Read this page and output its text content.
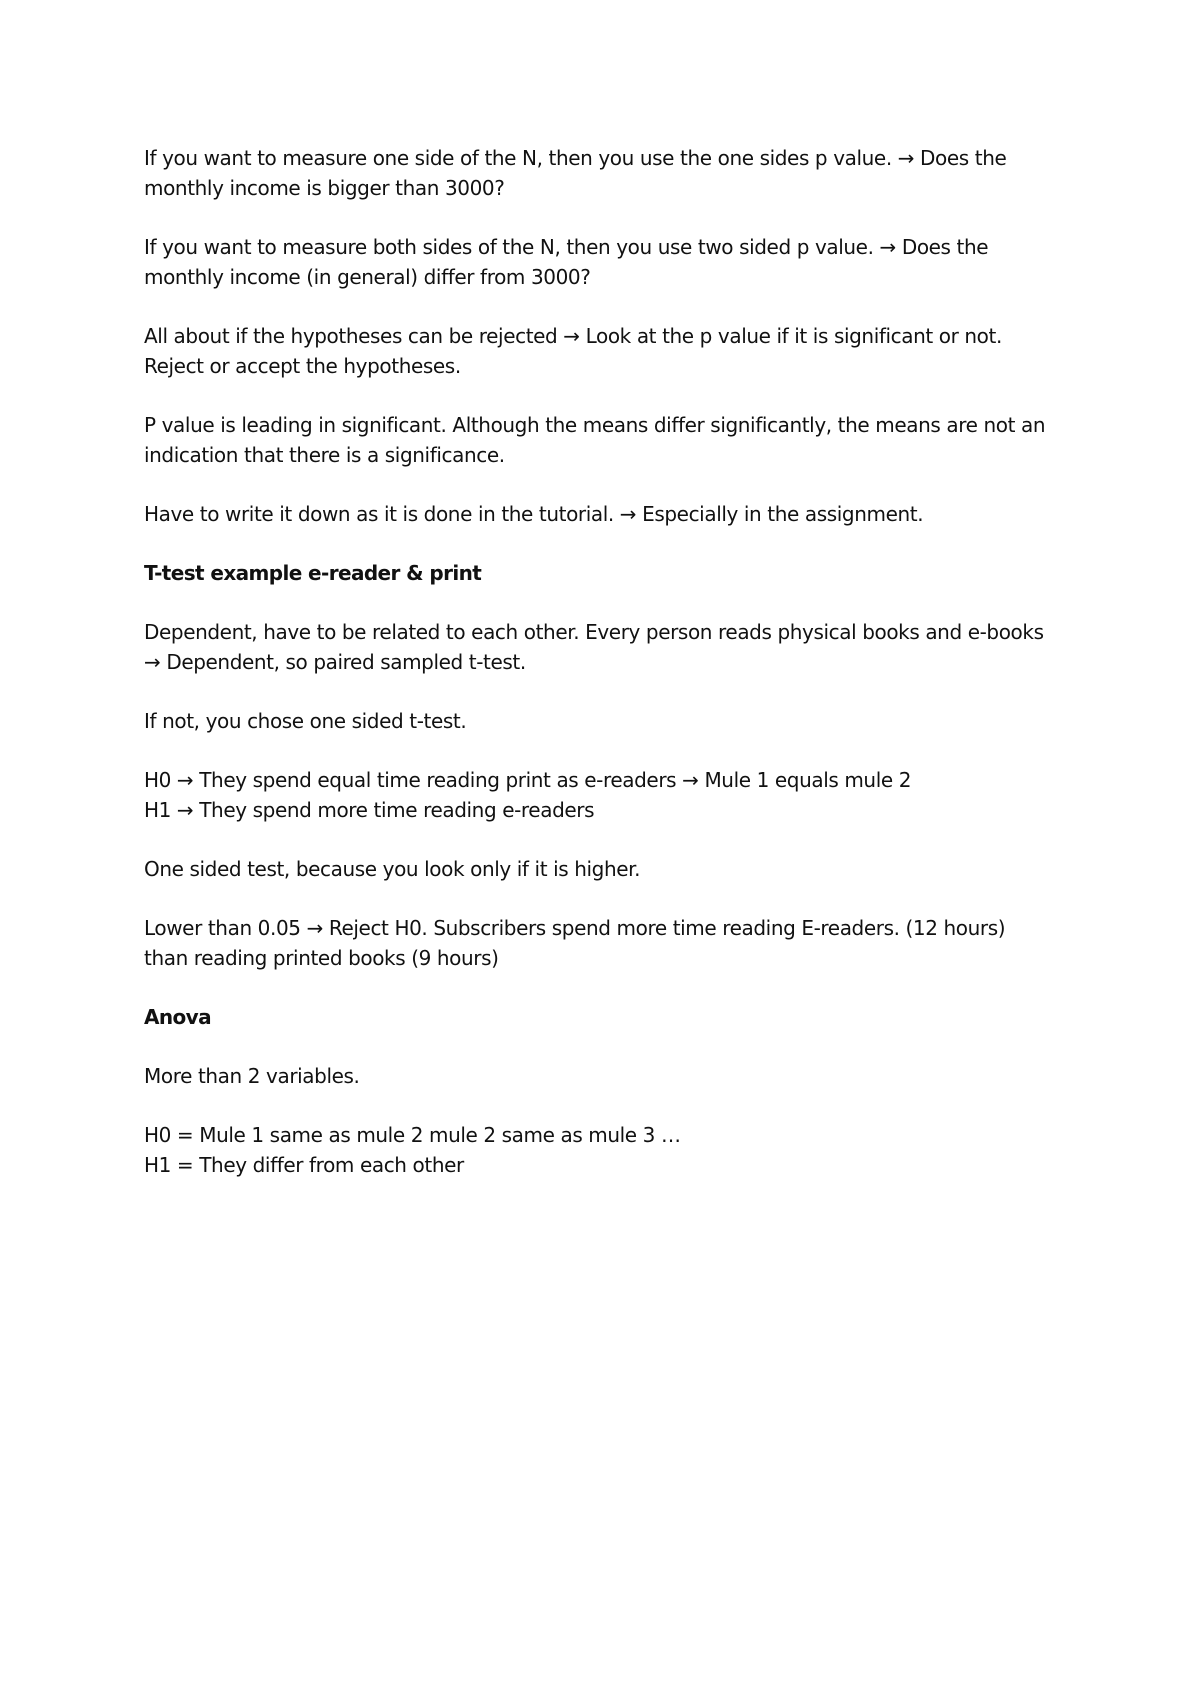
If you want to measure one side of the N, then you use the one sides p value. → Does the
monthly income is bigger than 3000?

If you want to measure both sides of the N, then you use two sided p value. → Does the
monthly income (in general) differ from 3000?

All about if the hypotheses can be rejected → Look at the p value if it is significant or not.
Reject or accept the hypotheses.

P value is leading in significant. Although the means differ significantly, the means are not an
indication that there is a significance.

Have to write it down as it is done in the tutorial. → Especially in the assignment.

T-test example e-reader & print

Dependent, have to be related to each other. Every person reads physical books and e-books
→ Dependent, so paired sampled t-test.

If not, you chose one sided t-test.

H0 → They spend equal time reading print as e-readers → Mule 1 equals mule 2
H1 → They spend more time reading e-readers

One sided test, because you look only if it is higher.

Lower than 0.05 → Reject H0. Subscribers spend more time reading E-readers. (12 hours)
than reading printed books (9 hours)

Anova

More than 2 variables.

H0 = Mule 1 same as mule 2 mule 2 same as mule 3 …
H1 = They differ from each other
